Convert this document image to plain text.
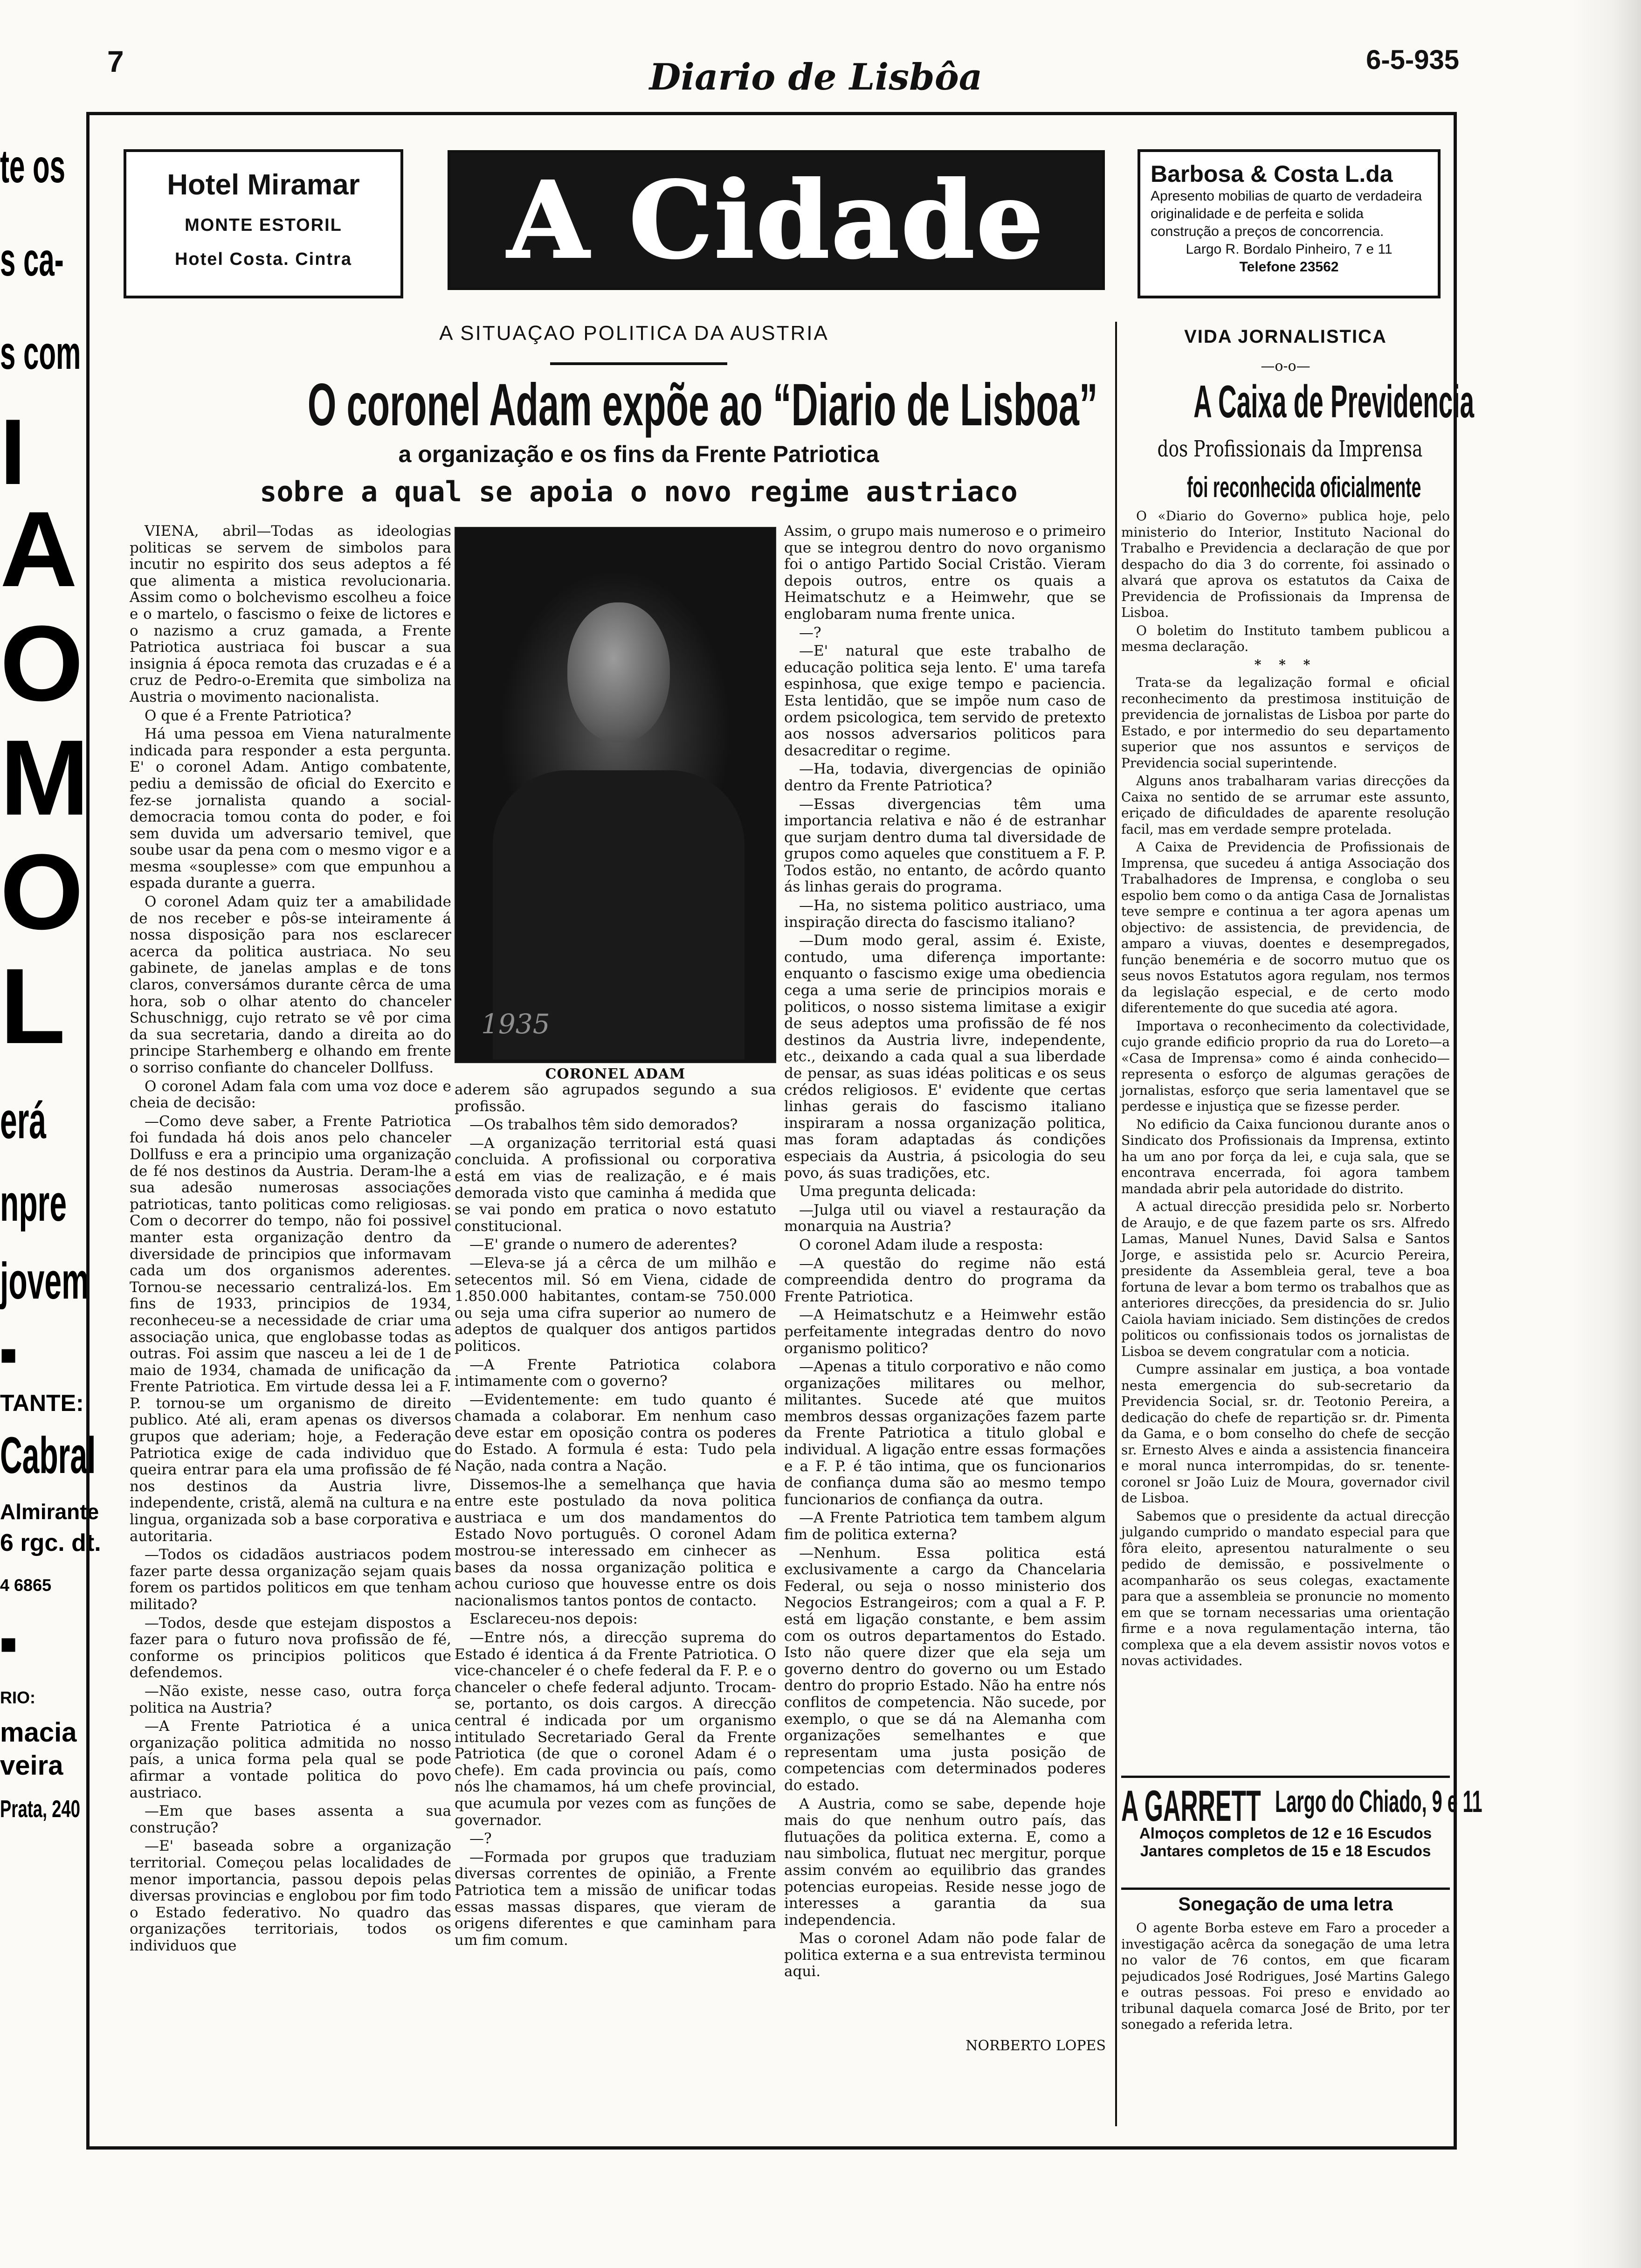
te os
s ca-
s com
I
A
O
M
O
L
erá
npre
jovem
■
TANTE:
Cabral
Almirante
6 rgc. dt.
4 6865
■
RIO:
macia
veira
Prata, 240
7	Diario de Lisbôa	6-5-935
Hotel Miramar
MONTE ESTORIL
Hotel Costa. Cintra	A Cidade	Barbosa & Costa L.da
Apresento mobilias de quarto de verdadeira originalidade e de perfeita e solida construção a preços de concorrencia.
Largo R. Bordalo Pinheiro, 7 e 11
Telefone 23562
A SITUAÇAO POLITICA DA AUSTRIA
O coronel Adam expõe ao “Diario de Lisboa”
a organização e os fins da Frente Patriotica
sobre a qual se apoia o novo regime austriaco

VIENA, abril—Todas as ideologias politicas se servem de simbolos para incutir no espirito dos seus adeptos a fé que alimenta a mistica revolucionaria. Assim como o bolchevismo escolheu a foice e o martelo, o fascismo o feixe de lictores e o nazismo a cruz gamada, a Frente Patriotica austriaca foi buscar a sua insignia á época remota das cruzadas e é a cruz de Pedro-o-Eremita que simboliza na Austria o movimento nacionalista.

O que é a Frente Patriotica?

Há uma pessoa em Viena naturalmente indicada para responder a esta pergunta. E' o coronel Adam. Antigo combatente, pediu a demissão de oficial do Exercito e fez-se jornalista quando a social-democracia tomou conta do poder, e foi sem duvida um adversario temivel, que soube usar da pena com o mesmo vigor e a mesma «souplesse» com que empunhou a espada durante a guerra.

O coronel Adam quiz ter a amabilidade de nos receber e pôs-se inteiramente á nossa disposição para nos esclarecer acerca da politica austriaca. No seu gabinete, de janelas amplas e de tons claros, conversámos durante cêrca de uma hora, sob o olhar atento do chanceler Schuschnigg, cujo retrato se vê por cima da sua secretaria, dando a direita ao do principe Starhemberg e olhando em frente o sorriso confiante do chanceler Dollfuss.

O coronel Adam fala com uma voz doce e cheia de decisão:

—Como deve saber, a Frente Patriotica foi fundada há dois anos pelo chanceler Dollfuss e era a principio uma organização de fé nos destinos da Austria. Deram-lhe a sua adesão numerosas associações patrioticas, tanto politicas como religiosas. Com o decorrer do tempo, não foi possivel manter esta organização dentro da diversidade de principios que informavam cada um dos organismos aderentes. Tornou-se necessario centralizá-los. Em fins de 1933, principios de 1934, reconheceu-se a necessidade de criar uma associação unica, que englobasse todas as outras. Foi assim que nasceu a lei de 1 de maio de 1934, chamada de unificação da Frente Patriotica. Em virtude dessa lei a F. P. tornou-se um organismo de direito publico. Até ali, eram apenas os diversos grupos que aderiam; hoje, a Federação Patriotica exige de cada individuo que queira entrar para ela uma profissão de fé nos destinos da Austria livre, independente, cristã, alemã na cultura e na lingua, organizada sob a base corporativa e autoritaria.

—Todos os cidadãos austriacos podem fazer parte dessa organização sejam quais forem os partidos politicos em que tenham militado?

—Todos, desde que estejam dispostos a fazer para o futuro nova profissão de fé, conforme os principios politicos que defendemos.

—Não existe, nesse caso, outra força politica na Austria?

—A Frente Patriotica é a unica organização politica admitida no nosso país, a unica forma pela qual se pode afirmar a vontade politica do povo austriaco.

—Em que bases assenta a sua construção?

—E' baseada sobre a organização territorial. Começou pelas localidades de menor importancia, passou depois pelas diversas provincias e englobou por fim todo o Estado federativo. No quadro das organizações territoriais, todos os individuos que

1935
CORONEL ADAM

aderem são agrupados segundo a sua profissão.

—Os trabalhos têm sido demorados?

—A organização territorial está quasi concluida. A profissional ou corporativa está em vias de realização, e é mais demorada visto que caminha á medida que se vai pondo em pratica o novo estatuto constitucional.

—E' grande o numero de aderentes?

—Eleva-se já a cêrca de um milhão e setecentos mil. Só em Viena, cidade de 1.850.000 habitantes, contam-se 750.000 ou seja uma cifra superior ao numero de adeptos de qualquer dos antigos partidos politicos.

—A Frente Patriotica colabora intimamente com o governo?

—Evidentemente: em tudo quanto é chamada a colaborar. Em nenhum caso deve estar em oposição contra os poderes do Estado. A formula é esta: Tudo pela Nação, nada contra a Nação.

Dissemos-lhe a semelhança que havia entre este postulado da nova politica austriaca e um dos mandamentos do Estado Novo português. O coronel Adam mostrou-se interessado em cinhecer as bases da nossa organização politica e achou curioso que houvesse entre os dois nacionalismos tantos pontos de contacto.

Esclareceu-nos depois:

—Entre nós, a direcção suprema do Estado é identica á da Frente Patriotica. O vice-chanceler é o chefe federal da F. P. e o chanceler o chefe federal adjunto. Trocam-se, portanto, os dois cargos. A direcção central é indicada por um organismo intitulado Secretariado Geral da Frente Patriotica (de que o coronel Adam é o chefe). Em cada provincia ou país, como nós lhe chamamos, há um chefe provincial, que acumula por vezes com as funções de governador.

—?

—Formada por grupos que traduziam diversas correntes de opinião, a Frente Patriotica tem a missão de unificar todas essas massas dispares, que vieram de origens diferentes e que caminham para um fim comum.

Assim, o grupo mais numeroso e o primeiro que se integrou dentro do novo organismo foi o antigo Partido Social Cristão. Vieram depois outros, entre os quais a Heimatschutz e a Heimwehr, que se englobaram numa frente unica.

—?

—E' natural que este trabalho de educação politica seja lento. E' uma tarefa espinhosa, que exige tempo e paciencia. Esta lentidão, que se impõe num caso de ordem psicologica, tem servido de pretexto aos nossos adversarios politicos para desacreditar o regime.

—Ha, todavia, divergencias de opinião dentro da Frente Patriotica?

—Essas divergencias têm uma importancia relativa e não é de estranhar que surjam dentro duma tal diversidade de grupos como aqueles que constituem a F. P. Todos estão, no entanto, de acôrdo quanto ás linhas gerais do programa.

—Ha, no sistema politico austriaco, uma inspiração directa do fascismo italiano?

—Dum modo geral, assim é. Existe, contudo, uma diferença importante: enquanto o fascismo exige uma obediencia cega a uma serie de principios morais e politicos, o nosso sistema limitase a exigir de seus adeptos uma profissão de fé nos destinos da Austria livre, independente, etc., deixando a cada qual a sua liberdade de pensar, as suas idéas politicas e os seus crédos religiosos. E' evidente que certas linhas gerais do fascismo italiano inspiraram a nossa organização politica, mas foram adaptadas ás condições especiais da Austria, á psicologia do seu povo, ás suas tradições, etc.

Uma pregunta delicada:

—Julga util ou viavel a restauração da monarquia na Austria?

O coronel Adam ilude a resposta:

—A questão do regime não está compreendida dentro do programa da Frente Patriotica.

—A Heimatschutz e a Heimwehr estão perfeitamente integradas dentro do novo organismo politico?

—Apenas a titulo corporativo e não como organizações militares ou melhor, militantes. Sucede até que muitos membros dessas organizações fazem parte da Frente Patriotica a titulo global e individual. A ligação entre essas formações e a F. P. é tão intima, que os funcionarios de confiança duma são ao mesmo tempo funcionarios de confiança da outra.

—A Frente Patriotica tem tambem algum fim de politica externa?

—Nenhum. Essa politica está exclusivamente a cargo da Chancelaria Federal, ou seja o nosso ministerio dos Negocios Estrangeiros; com a qual a F. P. está em ligação constante, e bem assim com os outros departamentos do Estado. Isto não quere dizer que ela seja um governo dentro do governo ou um Estado dentro do proprio Estado. Não ha entre nós conflitos de competencia. Não sucede, por exemplo, o que se dá na Alemanha com organizações semelhantes e que representam uma justa posição de competencias com determinados poderes do estado.

A Austria, como se sabe, depende hoje mais do que nenhum outro país, das flutuações da politica externa. E, como a nau simbolica, flutuat nec mergitur, porque assim convém ao equilibrio das grandes potencias europeias. Reside nesse jogo de interesses a garantia da sua independencia.

Mas o coronel Adam não pode falar de politica externa e a sua entrevista terminou aqui.

NORBERTO LOPES
VIDA JORNALISTICA
—o-o—
A Caixa de Previdencia
dos Profissionais da Imprensa
foi reconhecida oficialmente

O «Diario do Governo» publica hoje, pelo ministerio do Interior, Instituto Nacional do Trabalho e Previdencia a declaração de que por despacho do dia 3 do corrente, foi assinado o alvará que aprova os estatutos da Caixa de Previdencia de Profissionais da Imprensa de Lisboa.

O boletim do Instituto tambem publicou a mesma declaração.

* * *

Trata-se da legalização formal e oficial reconhecimento da prestimosa instituição de previdencia de jornalistas de Lisboa por parte do Estado, e por intermedio do seu departamento superior que nos assuntos e serviços de Previdencia social superintende.

Alguns anos trabalharam varias direcções da Caixa no sentido de se arrumar este assunto, eriçado de dificuldades de aparente resolução facil, mas em verdade sempre protelada.

A Caixa de Previdencia de Profissionais de Imprensa, que sucedeu á antiga Associação dos Trabalhadores de Imprensa, e congloba o seu espolio bem como o da antiga Casa de Jornalistas teve sempre e continua a ter agora apenas um objectivo: de assistencia, de previdencia, de amparo a viuvas, doentes e desempregados, função beneméria e de socorro mutuo que os seus novos Estatutos agora regulam, nos termos da legislação especial, e de certo modo diferentemente do que sucedia até agora.

Importava o reconhecimento da colectividade, cujo grande edificio proprio da rua do Loreto—a «Casa de Imprensa» como é ainda conhecido— representa o esforço de algumas gerações de jornalistas, esforço que seria lamentavel que se perdesse e injustiça que se fizesse perder.

No edificio da Caixa funcionou durante anos o Sindicato dos Profissionais da Imprensa, extinto ha um ano por força da lei, e cuja sala, que se encontrava encerrada, foi agora tambem mandada abrir pela autoridade do distrito.

A actual direcção presidida pelo sr. Norberto de Araujo, e de que fazem parte os srs. Alfredo Lamas, Manuel Nunes, David Salsa e Santos Jorge, e assistida pelo sr. Acurcio Pereira, presidente da Assembleia geral, teve a boa fortuna de levar a bom termo os trabalhos que as anteriores direcções, da presidencia do sr. Julio Caiola haviam iniciado. Sem distinções de credos politicos ou confissionais todos os jornalistas de Lisboa se devem congratular com a noticia.

Cumpre assinalar em justiça, a boa vontade nesta emergencia do sub-secretario da Previdencia Social, sr. dr. Teotonio Pereira, a dedicação do chefe de repartição sr. dr. Pimenta da Gama, e o bom conselho do chefe de secção sr. Ernesto Alves e ainda a assistencia financeira e moral nunca interrompidas, do sr. tenente-coronel sr João Luiz de Moura, governador civil de Lisboa.

Sabemos que o presidente da actual direcção julgando cumprido o mandato especial para que fôra eleito, apresentou naturalmente o seu pedido de demissão, e possivelmente o acompanharão os seus colegas, exactamente para que a assembleia se pronuncie no momento em que se tornam necessarias uma orientação firme e a nova regulamentação interna, tão complexa que a ela devem assistir novos votos e novas actividades.

A GARRETT Largo do Chiado, 9 e 11
Almoços completos de 12 e 16 Escudos
Jantares completos de 15 e 18 Escudos
Sonegação de uma letra

O agente Borba esteve em Faro a proceder a investigação acêrca da sonegação de uma letra no valor de 76 contos, em que ficaram pejudicados José Rodrigues, José Martins Galego e outras pessoas. Foi preso e envidado ao tribunal daquela comarca José de Brito, por ter sonegado a referida letra.
